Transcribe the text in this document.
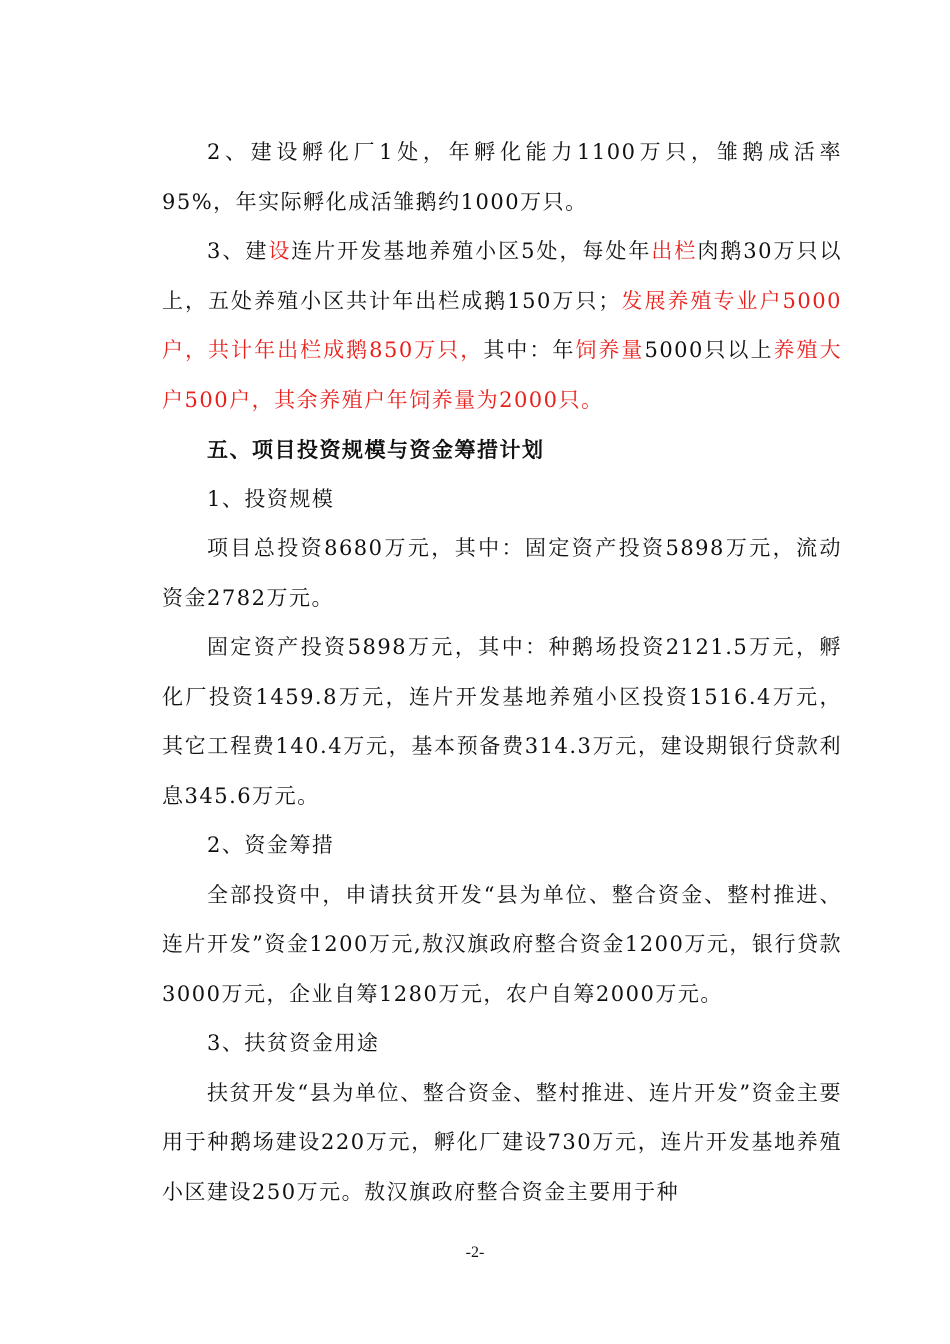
2、建设孵化厂1处，年孵化能力1100万只，雏鹅成活率95%，年实际孵化成活雏鹅约1000万只。

3、建设连片开发基地养殖小区5处，每处年出栏肉鹅30万只以上，五处养殖小区共计年出栏成鹅150万只；发展养殖专业户5000户，共计年出栏成鹅850万只，其中：年饲养量5000只以上养殖大户500户，其余养殖户年饲养量为2000只。

五、项目投资规模与资金筹措计划

1、投资规模

项目总投资8680万元，其中：固定资产投资5898万元，流动资金2782万元。

固定资产投资5898万元，其中：种鹅场投资2121.5万元，孵化厂投资1459.8万元，连片开发基地养殖小区投资1516.4万元，其它工程费140.4万元，基本预备费314.3万元，建设期银行贷款利息345.6万元。

2、资金筹措

全部投资中，申请扶贫开发“县为单位、整合资金、整村推进、连片开发”资金1200万元,敖汉旗政府整合资金1200万元，银行贷款3000万元，企业自筹1280万元，农户自筹2000万元。

3、扶贫资金用途

扶贫开发“县为单位、整合资金、整村推进、连片开发”资金主要用于种鹅场建设220万元，孵化厂建设730万元，连片开发基地养殖小区建设250万元。敖汉旗政府整合资金主要用于种

-2-
